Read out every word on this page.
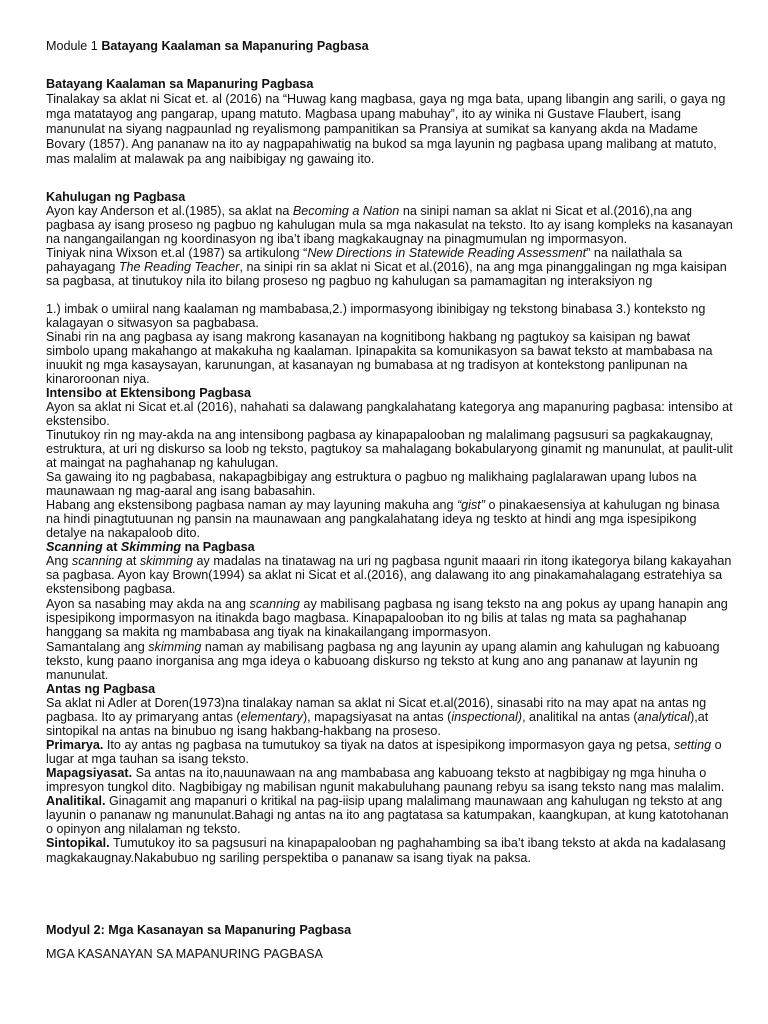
Module 1 Batayang Kaalaman sa Mapanuring Pagbasa
Batayang Kaalaman sa Mapanuring Pagbasa
Tinalakay sa aklat ni Sicat et. al (2016) na “Huwag kang magbasa, gaya ng mga bata, upang libangin ang sarili, o gaya ng
mga matatayog ang pangarap, upang matuto. Magbasa upang mabuhay”, ito ay winika ni Gustave Flaubert, isang
manunulat na siyang nagpaunlad ng reyalismong pampanitikan sa Pransiya at sumikat sa kanyang akda na Madame
Bovary (1857). Ang pananaw na ito ay nagpapahiwatig na bukod sa mga layunin ng pagbasa upang malibang at matuto,
mas malalim at malawak pa ang naibibigay ng gawaing ito.
Kahulugan ng Pagbasa
Ayon kay Anderson et al.(1985), sa aklat na Becoming a Nation na sinipi naman sa aklat ni Sicat et al.(2016),na ang
pagbasa ay isang proseso ng pagbuo ng kahulugan mula sa mga nakasulat na teksto. Ito ay isang kompleks na kasanayan
na nangangailangan ng koordinasyon ng iba’t ibang magkakaugnay na pinagmumulan ng impormasyon.
Tiniyak nina Wixson et.al (1987) sa artikulong “New Directions in Statewide Reading Assessment” na nailathala sa
pahayagang The Reading Teacher, na sinipi rin sa aklat ni Sicat et al.(2016), na ang mga pinanggalingan ng mga kaisipan
sa pagbasa, at tinutukoy nila ito bilang proseso ng pagbuo ng kahulugan sa pamamagitan ng interaksiyon ng
1.) imbak o umiiral nang kaalaman ng mambabasa,2.) impormasyong ibinibigay ng tekstong binabasa 3.) konteksto ng
kalagayan o sitwasyon sa pagbabasa.
Sinabi rin na ang pagbasa ay isang makrong kasanayan na kognitibong hakbang ng pagtukoy sa kaisipan ng bawat
simbolo upang makahango at makakuha ng kaalaman. Ipinapakita sa komunikasyon sa bawat teksto at mambabasa na
inuukit ng mga kasaysayan, karunungan, at kasanayan ng bumabasa at ng tradisyon at kontekstong panlipunan na
kinaroroonan niya.
Intensibo at Ektensibong Pagbasa
Ayon sa aklat ni Sicat et.al (2016), nahahati sa dalawang pangkalahatang kategorya ang mapanuring pagbasa: intensibo at
ekstensibo.
Tinutukoy rin ng may-akda na ang intensibong pagbasa ay kinapapalooban ng malalimang pagsusuri sa pagkakaugnay,
estruktura, at uri ng diskurso sa loob ng teksto, pagtukoy sa mahalagang bokabularyong ginamit ng manunulat, at paulit-ulit
at maingat na paghahanap ng kahulugan.
Sa gawaing ito ng pagbabasa, nakapagbibigay ang estruktura o pagbuo ng malikhaing paglalarawan upang lubos na
maunawaan ng mag-aaral ang isang babasahin.
Habang ang ekstensibong pagbasa naman ay may layuning makuha ang “gist” o pinakaesensiya at kahulugan ng binasa
na hindi pinagtutuunan ng pansin na maunawaan ang pangkalahatang ideya ng teskto at hindi ang mga ispesipikong
detalye na nakapaloob dito.
Scanning at Skimming na Pagbasa
Ang scanning at skimming ay madalas na tinatawag na uri ng pagbasa ngunit maaari rin itong ikategorya bilang kakayahan
sa pagbasa. Ayon kay Brown(1994) sa aklat ni Sicat et al.(2016), ang dalawang ito ang pinakamahalagang estratehiya sa
ekstensibong pagbasa.
Ayon sa nasabing may akda na ang scanning ay mabilisang pagbasa ng isang teksto na ang pokus ay upang hanapin ang
ispesipikong impormasyon na itinakda bago magbasa. Kinapapalooban ito ng bilis at talas ng mata sa paghahanap
hanggang sa makita ng mambabasa ang tiyak na kinakailangang impormasyon.
Samantalang ang skimming naman ay mabilisang pagbasa ng ang layunin ay upang alamin ang kahulugan ng kabuoang
teksto, kung paano inorganisa ang mga ideya o kabuoang diskurso ng teksto at kung ano ang pananaw at layunin ng
manunulat.
Antas ng Pagbasa
Sa aklat ni Adler at Doren(1973)na tinalakay naman sa aklat ni Sicat et.al(2016), sinasabi rito na may apat na antas ng
pagbasa. Ito ay primaryang antas (elementary), mapagsiyasat na antas (inspectional), analitikal na antas (analytical),at
sintopikal na antas na binubuo ng isang hakbang-hakbang na proseso.
Primarya. Ito ay antas ng pagbasa na tumutukoy sa tiyak na datos at ispesipikong impormasyon gaya ng petsa, setting o
lugar at mga tauhan sa isang teksto.
Mapagsiyasat. Sa antas na ito,nauunawaan na ang mambabasa ang kabuoang teksto at nagbibigay ng mga hinuha o
impresyon tungkol dito. Nagbibigay ng mabilisan ngunit makabuluhang paunang rebyu sa isang teksto nang mas malalim.
Analitikal. Ginagamit ang mapanuri o kritikal na pag-iisip upang malalimang maunawaan ang kahulugan ng teksto at ang
layunin o pananaw ng manunulat.Bahagi ng antas na ito ang pagtatasa sa katumpakan, kaangkupan, at kung katotohanan
o opinyon ang nilalaman ng teksto.
Sintopikal. Tumutukoy ito sa pagsusuri na kinapapalooban ng paghahambing sa iba’t ibang teksto at akda na kadalasang
magkakaugnay.Nakabubuo ng sariling perspektiba o pananaw sa isang tiyak na paksa.
Modyul 2: Mga Kasanayan sa Mapanuring Pagbasa
MGA KASANAYAN SA MAPANURING PAGBASA
